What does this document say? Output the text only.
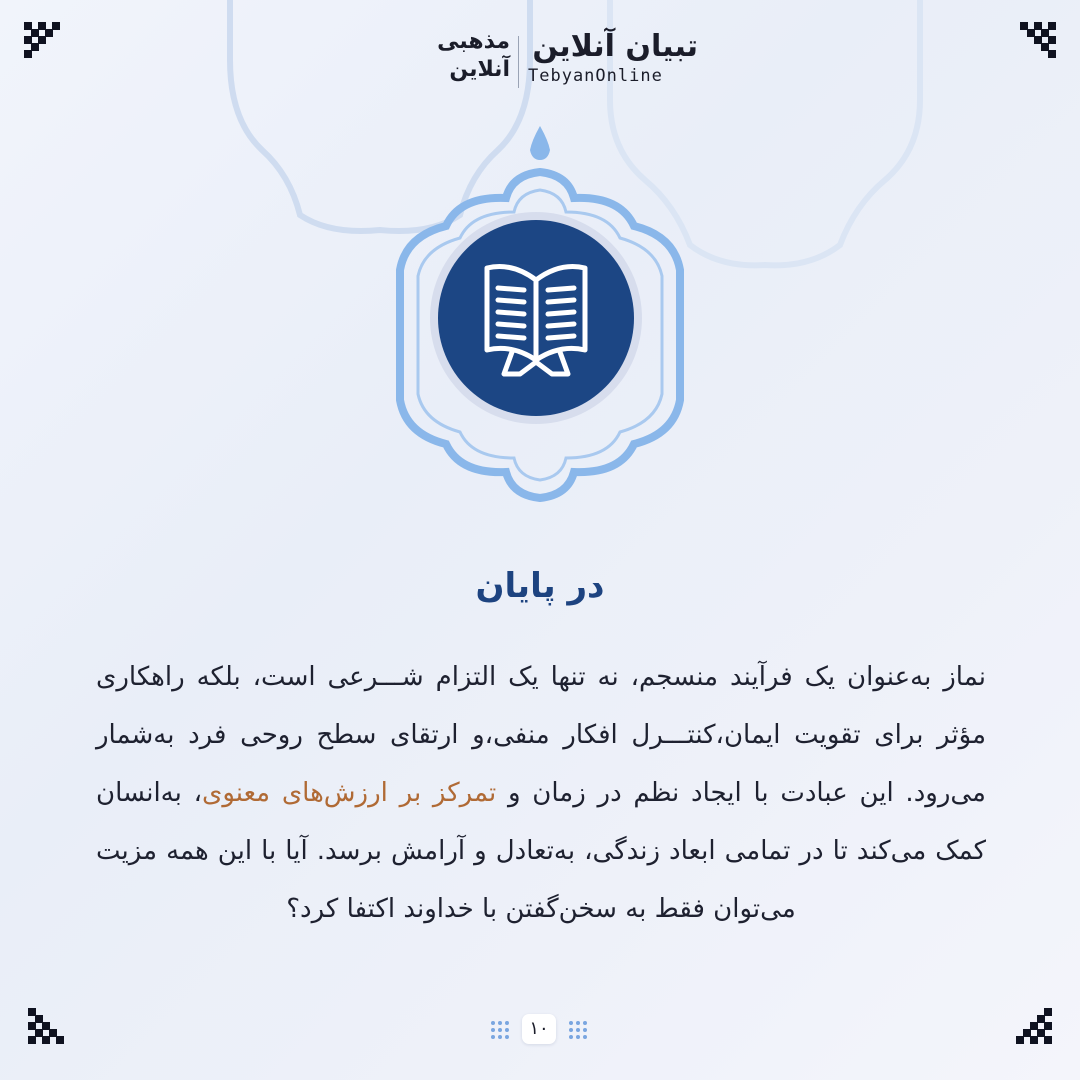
تبیان آنلاین
TebyanOnline
مذهبی
آنلاین
در پایان
نماز به‌عنوان یک فرآیند منسجم، نه تنها یک التزام شـــرعی است، بلکه راهکاری مؤثر برای تقویت ایمان،کنتـــرل افکار منفی،و ارتقای سطح روحی فرد به‌شمار می‌رود. این عبادت با ایجاد نظم در زمان و تمرکز بر ارزش‌های معنوی، به‌انسان کمک می‌کند تا در تمامی ابعاد زندگی، به‌تعادل و آرامش برسد. آیا با این همه مزیت می‌توان فقط به سخن‌گفتن با خداوند اکتفا کرد؟
۱۰
